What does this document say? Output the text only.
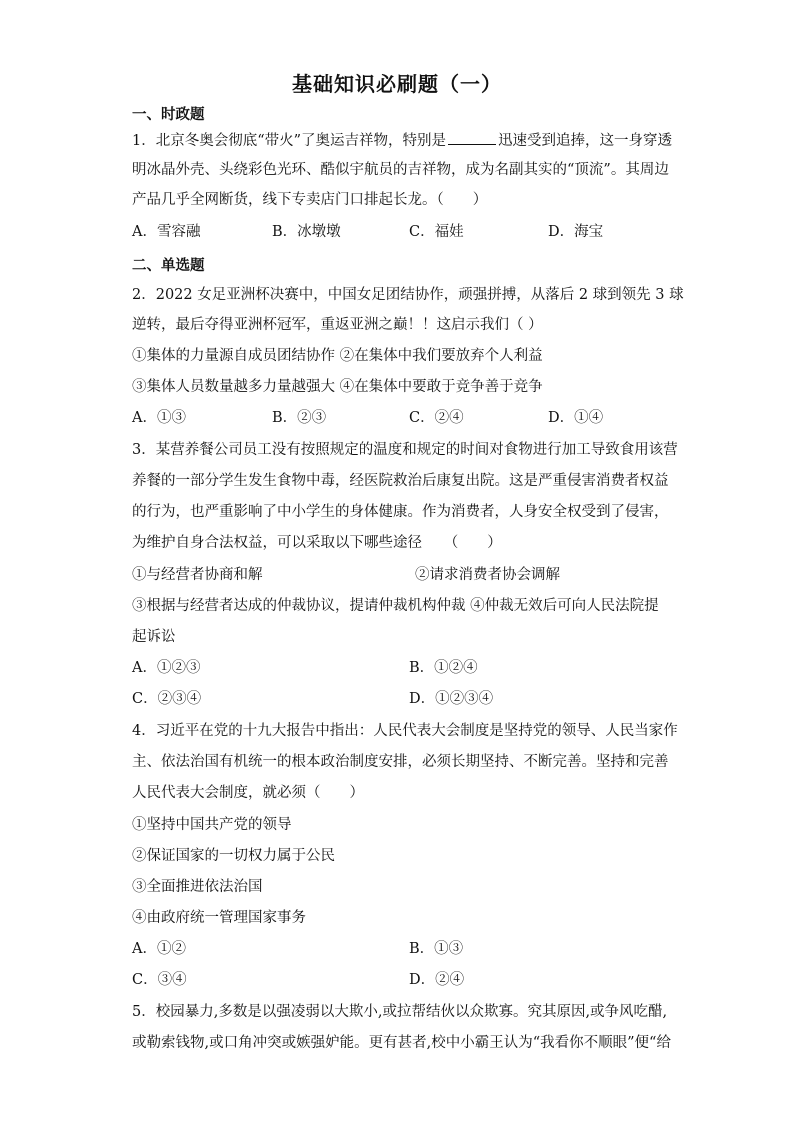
基础知识必刷题（一）
一、时政题
1．北京冬奥会彻底“带火”了奥运吉祥物，特别是	迅速受到追捧，这一身穿透
明冰晶外壳、头绕彩色光环、酷似宇航员的吉祥物，成为名副其实的“顶流”。其周边
产品几乎全网断货，线下专卖店门口排起长龙。（　　）
A．雪容融	B．冰墩墩	C．福娃	D．海宝
二、单选题
2．2022 女足亚洲杯决赛中，中国女足团结协作，顽强拼搏，从落后 2 球到领先 3 球
逆转，最后夺得亚洲杯冠军，重返亚洲之巅！！这启示我们（ ）
①集体的力量源自成员团结协作 ②在集体中我们要放弃个人利益
③集体人员数量越多力量越强大 ④在集体中要敢于竞争善于竞争
A．①③	B．②③	C．②④	D．①④
3．某营养餐公司员工没有按照规定的温度和规定的时间对食物进行加工导致食用该营
养餐的一部分学生发生食物中毒，经医院救治后康复出院。这是严重侵害消费者权益
的行为，也严重影响了中小学生的身体健康。作为消费者，人身安全权受到了侵害，
为维护自身合法权益，可以采取以下哪些途径　　（　　）
①与经营者协商和解	②请求消费者协会调解
③根据与经营者达成的仲裁协议，提请仲裁机构仲裁 ④仲裁无效后可向人民法院提
起诉讼
A．①②③	B．①②④
C．②③④	D．①②③④
4．习近平在党的十九大报告中指出：人民代表大会制度是坚持党的领导、人民当家作
主、依法治国有机统一的根本政治制度安排，必须长期坚持、不断完善。坚持和完善
人民代表大会制度，就必须（　　）
①坚持中国共产党的领导
②保证国家的一切权力属于公民
③全面推进依法治国
④由政府统一管理国家事务
A．①②	B．①③
C．③④	D．②④
5．校园暴力,多数是以强凌弱以大欺小,或拉帮结伙以众欺寡。究其原因,或争风吃醋,
或勒索钱物,或口角冲突或嫉强妒能。更有甚者,校中小霸王认为“我看你不顺眼”便“给
